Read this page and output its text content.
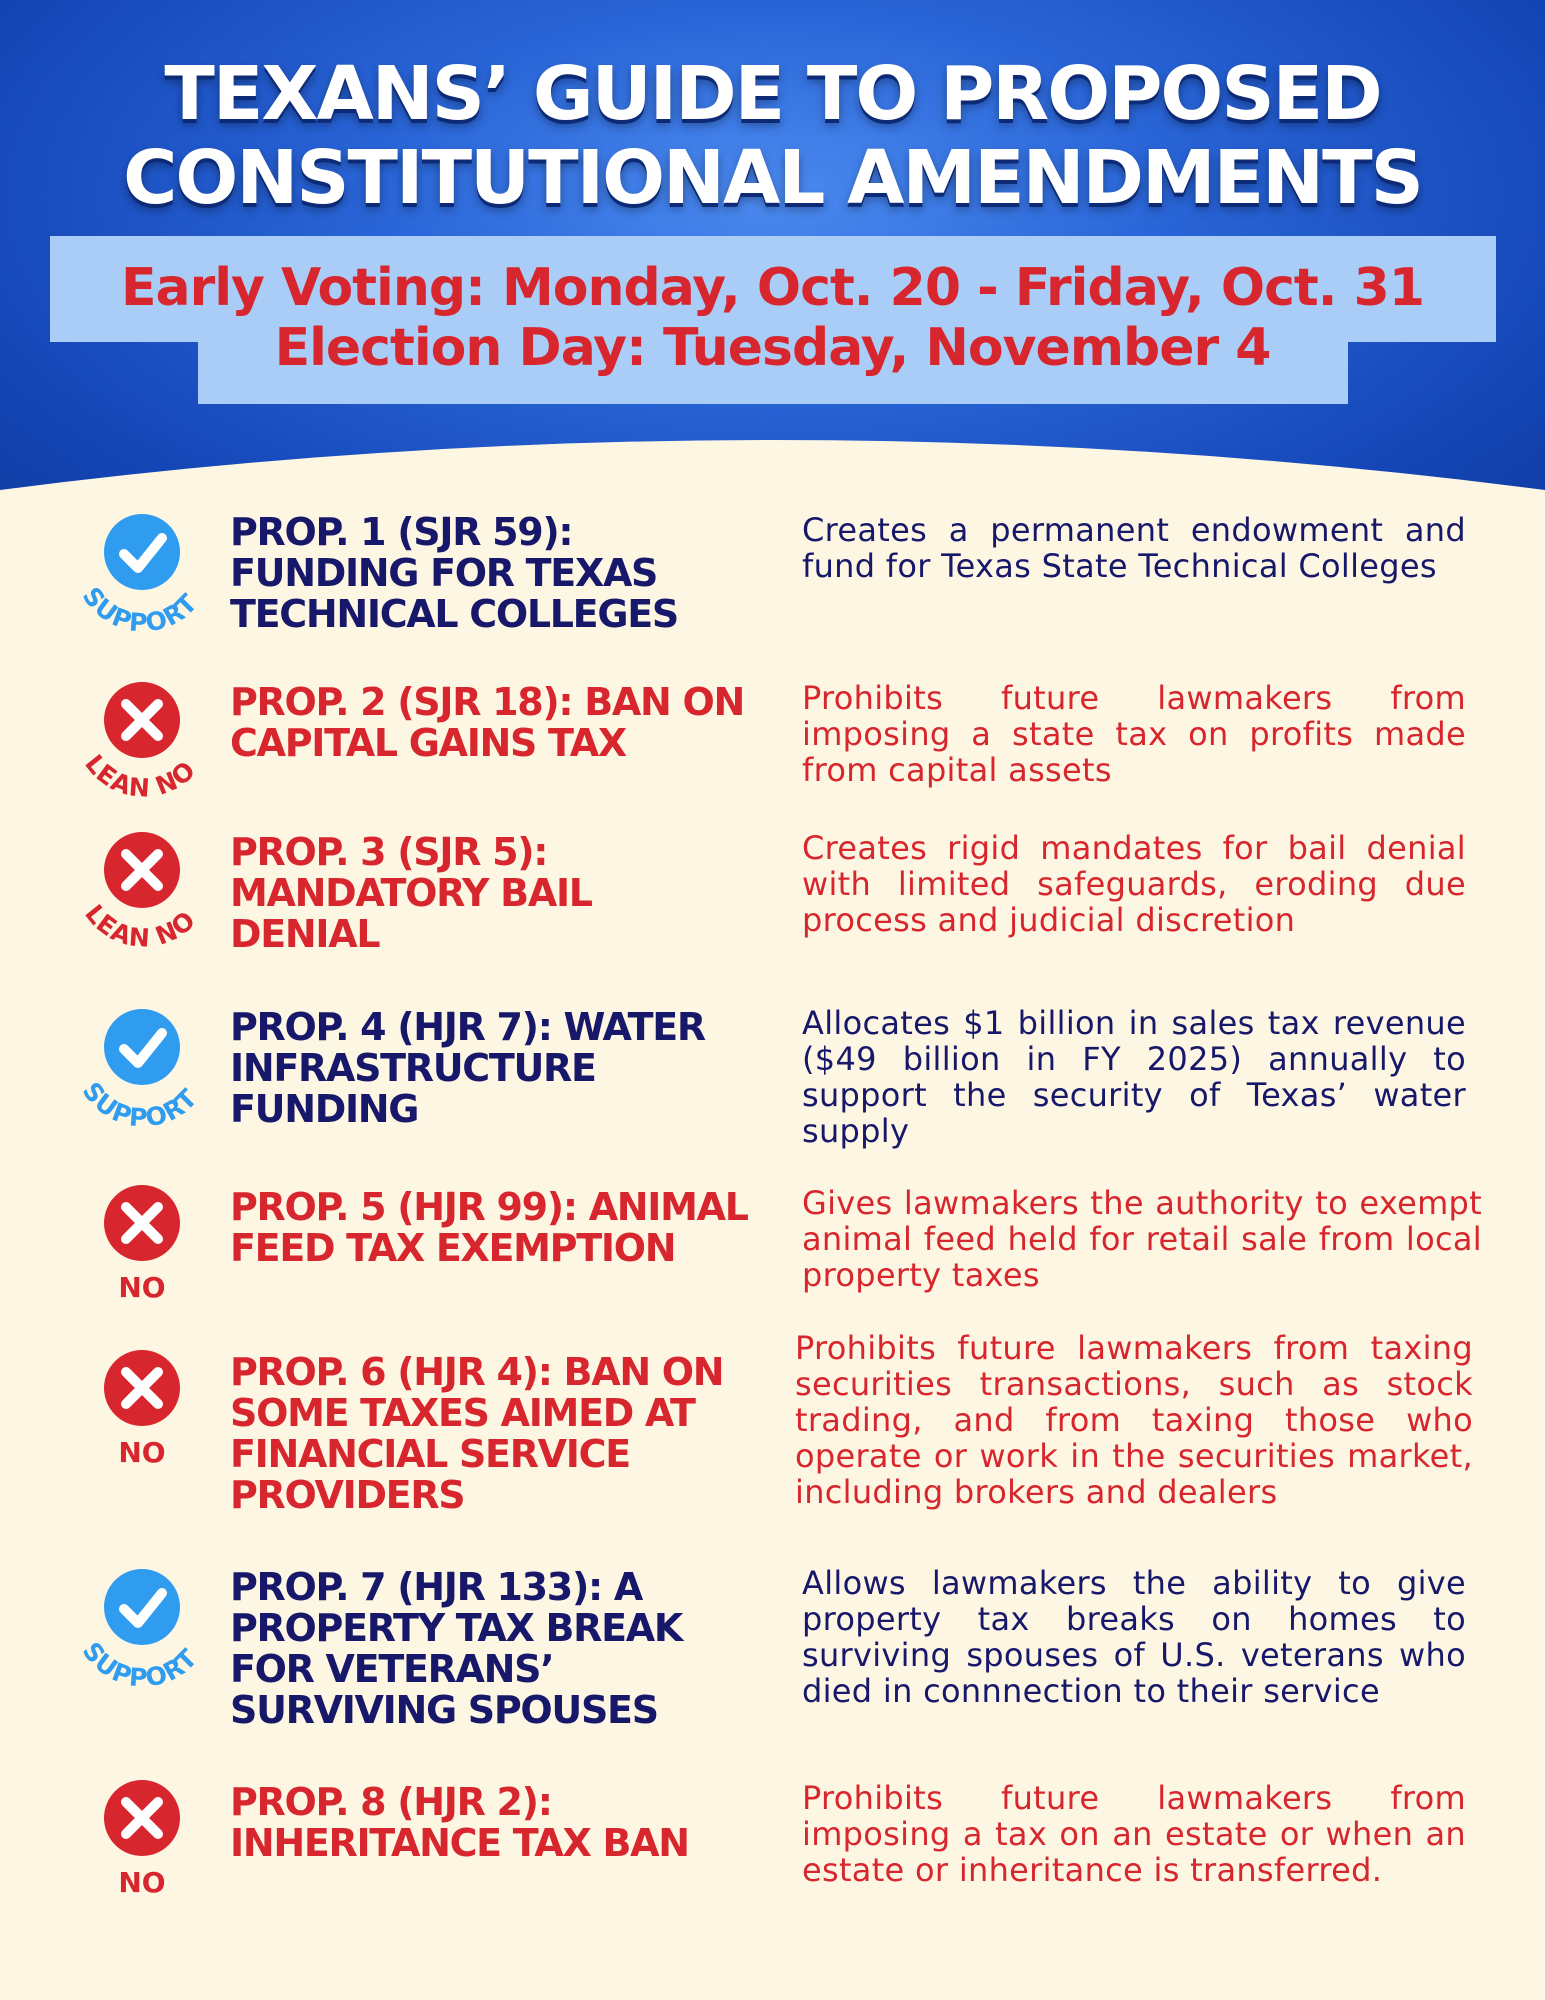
TEXANS’ GUIDE TO PROPOSED
CONSTITUTIONAL AMENDMENTS
Early Voting: Monday, Oct. 20 - Friday, Oct. 31
Election Day: Tuesday, November 4
SUPPORT
PROP. 1 (SJR 59): FUNDING FOR TEXAS TECHNICAL COLLEGES
Creates a permanent endowment and fund for Texas State Technical Colleges
LEAN NO
PROP. 2 (SJR 18): BAN ON CAPITAL GAINS TAX
Prohibits future lawmakers from imposing a state tax on profits made from capital assets
LEAN NO
PROP. 3 (SJR 5): MANDATORY BAIL DENIAL
Creates rigid mandates for bail denial with limited safeguards, eroding due process and judicial discretion
SUPPORT
PROP. 4 (HJR 7): WATER INFRASTRUCTURE FUNDING
Allocates $1 billion in sales tax revenue ($49 billion in FY 2025) annually to support the security of Texas’ water supply
NO
PROP. 5 (HJR 99): ANIMAL FEED TAX EXEMPTION
Gives lawmakers the authority to exempt animal feed held for retail sale from local property taxes
NO
PROP. 6 (HJR 4): BAN ON SOME TAXES AIMED AT FINANCIAL SERVICE PROVIDERS
Prohibits future lawmakers from taxing securities transactions, such as stock trading, and from taxing those who operate or work in the securities market, including brokers and dealers
SUPPORT
PROP. 7 (HJR 133): A PROPERTY TAX BREAK FOR VETERANS’ SURVIVING SPOUSES
Allows lawmakers the ability to give property tax breaks on homes to surviving spouses of U.S. veterans who died in connnection to their service
NO
PROP. 8 (HJR 2): INHERITANCE TAX BAN
Prohibits future lawmakers from imposing a tax on an estate or when an estate or inheritance is transferred.
